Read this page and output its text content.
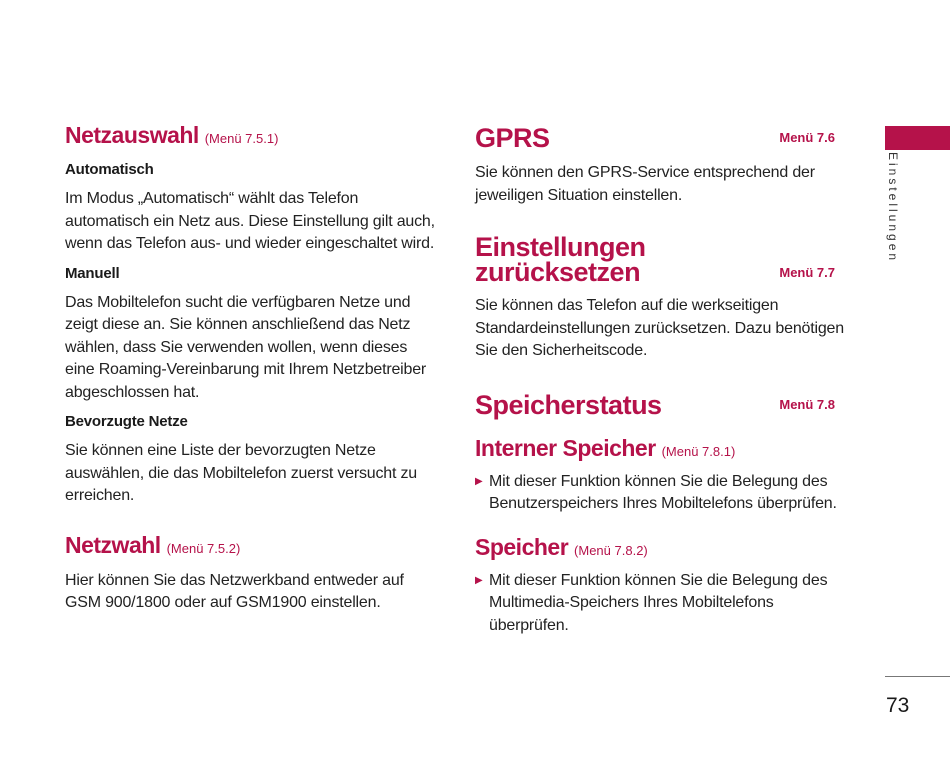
Netzauswahl (Menü 7.5.1)
Automatisch

Im Modus „Automatisch“ wählt das Telefon automatisch ein Netz aus. Diese Einstellung gilt auch, wenn das Telefon aus- und wieder eingeschaltet wird.

Manuell

Das Mobiltelefon sucht die verfügbaren Netze und zeigt diese an. Sie können anschließend das Netz wählen, dass Sie verwenden wollen, wenn dieses eine Roaming-Vereinbarung mit Ihrem Netzbetreiber abgeschlossen hat.

Bevorzugte Netze

Sie können eine Liste der bevorzugten Netze auswählen, die das Mobiltelefon zuerst versucht zu erreichen.

Netzwahl (Menü 7.5.2)

Hier können Sie das Netzwerkband entweder auf GSM 900/1800 oder auf GSM1900 einstellen.

GPRS	Menü 7.6

Sie können den GPRS-Service entsprechend der jeweiligen Situation einstellen.

Einstellungen
zurücksetzen	Menü 7.7

Sie können das Telefon auf die werkseitigen Standardeinstellungen zurücksetzen. Dazu benötigen Sie den Sicherheitscode.

Speicherstatus	Menü 7.8
Interner Speicher (Menü 7.8.1)
▶ Mit dieser Funktion können Sie die Belegung des Benutzerspeichers Ihres Mobiltelefons überprüfen.

Speicher (Menü 7.8.2)
▶ Mit dieser Funktion können Sie die Belegung des Multimedia-Speichers Ihres Mobiltelefons überprüfen.

Einstellungen
73
